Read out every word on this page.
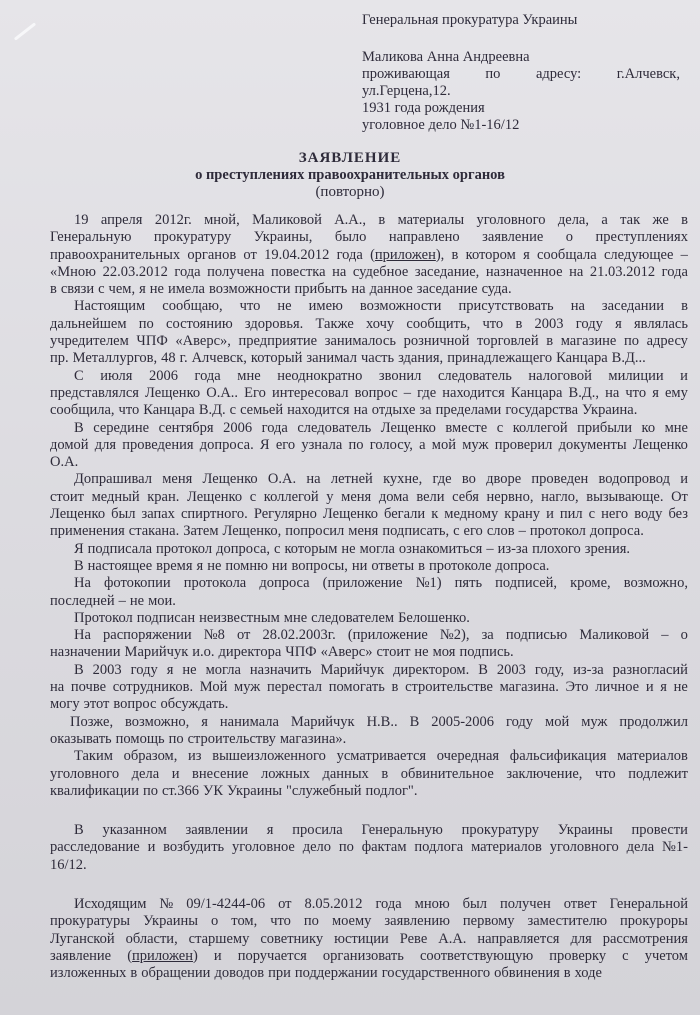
Генеральная прокуратура Украины
Маликова Анна Андреевна
проживающая по адресу: г.Алчевск,
ул.Герцена,12.
1931 года рождения
уголовное дело №1-16/12
ЗАЯВЛЕНИЕ
о преступлениях правоохранительных органов
(повторно)
19 апреля 2012г. мной, Маликовой А.А., в материалы уголовного дела, а так же в
Генеральную прокуратуру Украины, было направлено заявление о преступлениях
правоохранительных органов от 19.04.2012 года (приложен), в котором я сообщала следующее –
«Мною 22.03.2012 года получена повестка на судебное заседание, назначенное на 21.03.2012 года
в связи с чем, я не имела возможности прибыть на данное заседание суда.
Настоящим сообщаю, что не имею возможности присутствовать на заседании в
дальнейшем по состоянию здоровья. Также хочу сообщить, что в 2003 году я являлась
учредителем ЧПФ «Аверс», предприятие занималось розничной торговлей в магазине по адресу
пр. Металлургов, 48 г. Алчевск, который занимал часть здания, принадлежащего Канцара В.Д...
С июля 2006 года мне неоднократно звонил следователь налоговой милиции и
представлялся Лещенко О.А.. Его интересовал вопрос – где находится Канцара В.Д., на что я ему
сообщила, что Канцара В.Д. с семьей находится на отдыхе за пределами государства Украина.
В середине сентября 2006 года следователь Лещенко вместе с коллегой прибыли ко мне
домой для проведения допроса. Я его узнала по голосу, а мой муж проверил документы Лещенко
О.А.
Допрашивал меня Лещенко О.А. на летней кухне, где во дворе проведен водопровод и
стоит медный кран. Лещенко с коллегой у меня дома вели себя нервно, нагло, вызывающе. От
Лещенко был запах спиртного. Регулярно Лещенко бегали к медному крану и пил с него воду без
применения стакана. Затем Лещенко, попросил меня подписать, с его слов – протокол допроса.
Я подписала протокол допроса, с которым не могла ознакомиться – из-за плохого зрения.
В настоящее время я не помню ни вопросы, ни ответы в протоколе допроса.
На фотокопии протокола допроса (приложение №1) пять подписей, кроме, возможно,
последней – не мои.
Протокол подписан неизвестным мне следователем Белошенко.
На распоряжении №8 от 28.02.2003г. (приложение №2), за подписью Маликовой – о
назначении Марийчук и.о. директора ЧПФ «Аверс» стоит не моя подпись.
В 2003 году я не могла назначить Марийчук директором. В 2003 году, из-за разногласий
на почве сотрудников. Мой муж перестал помогать в строительстве магазина. Это личное и я не
могу этот вопрос обсуждать.
Позже, возможно, я нанимала Марийчук Н.В.. В 2005-2006 году мой муж продолжил
оказывать помощь по строительству магазина».
Таким образом, из вышеизложенного усматривается очередная фальсификация материалов
уголовного дела и внесение ложных данных в обвинительное заключение, что подлежит
квалификации по ст.366 УК Украины "служебный подлог".
В указанном заявлении я просила Генеральную прокуратуру Украины провести
расследование и возбудить уголовное дело по фактам подлога материалов уголовного дела №1-
16/12.
Исходящим № 09/1-4244-06 от 8.05.2012 года мною был получен ответ Генеральной
прокуратуры Украины о том, что по моему заявлению первому заместителю прокуроры
Луганской области, старшему советнику юстиции Реве А.А. направляется для рассмотрения
заявление (приложен) и поручается организовать соответствующую проверку с учетом
изложенных в обращении доводов при поддержании государственного обвинения в ходе
